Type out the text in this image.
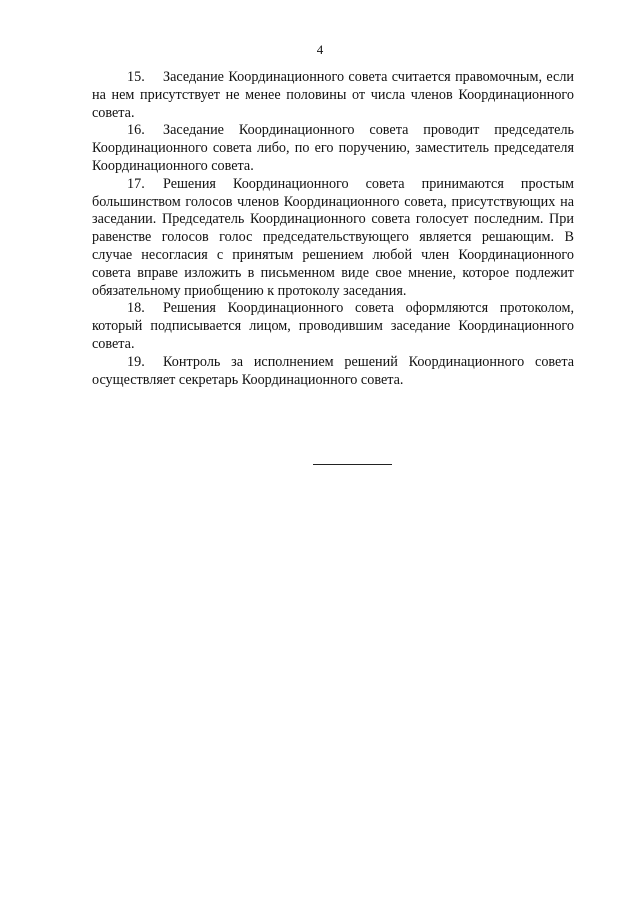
4

15. Заседание Координационного совета считается правомочным, если на нем присутствует не менее половины от числа членов Координационного совета.

16. Заседание Координационного совета проводит председатель Координационного совета либо, по его поручению, заместитель председателя Координационного совета.

17. Решения Координационного совета принимаются простым большинством голосов членов Координационного совета, присутствующих на заседании. Председатель Координационного совета голосует последним. При равенстве голосов голос председательствующего является решающим. В случае несогласия с принятым решением любой член Координационного совета вправе изложить в письменном виде свое мнение, которое подлежит обязательному приобщению к протоколу заседания.

18. Решения Координационного совета оформляются протоколом, который подписывается лицом, проводившим заседание Координационного совета.

19. Контроль за исполнением решений Координационного совета осуществляет секретарь Координационного совета.
